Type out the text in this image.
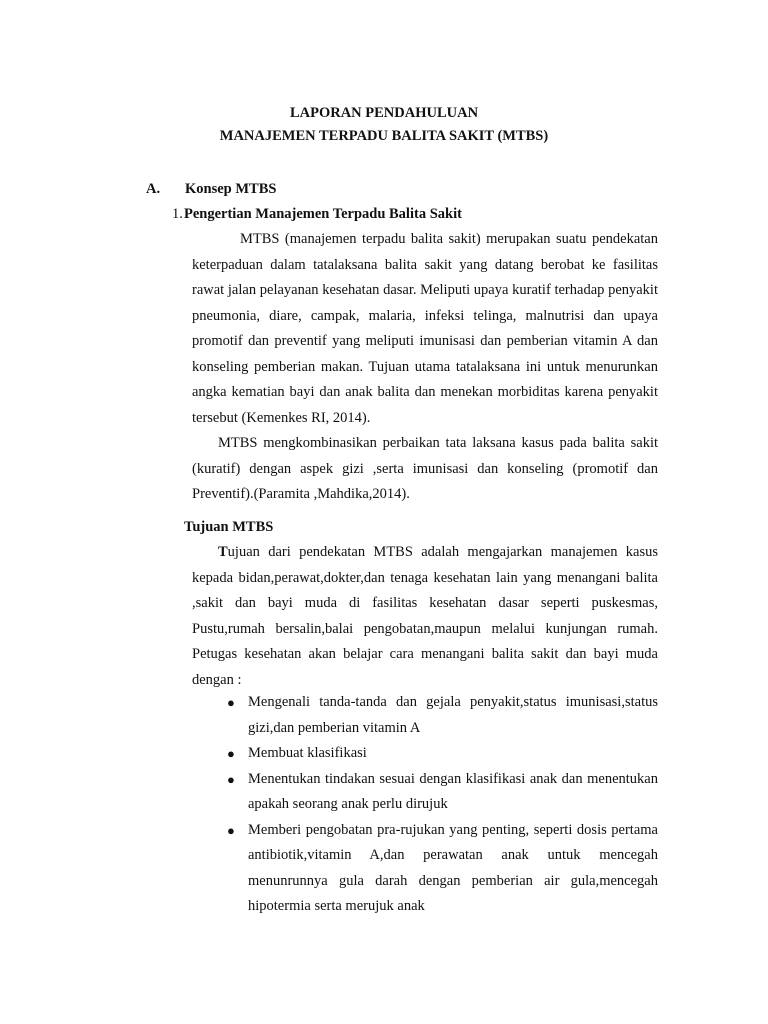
LAPORAN PENDAHULUAN
MANAJEMEN TERPADU BALITA SAKIT (MTBS)
A. Konsep MTBS
1. Pengertian Manajemen Terpadu Balita Sakit

MTBS (manajemen terpadu balita sakit) merupakan suatu pendekatan keterpaduan dalam tatalaksana balita sakit yang datang berobat ke fasilitas rawat jalan pelayanan kesehatan dasar. Meliputi upaya kuratif terhadap penyakit pneumonia, diare, campak, malaria, infeksi telinga, malnutrisi dan upaya promotif dan preventif yang meliputi imunisasi dan pemberian vitamin A dan konseling pemberian makan. Tujuan utama tatalaksana ini untuk menurunkan angka kematian bayi dan anak balita dan menekan morbiditas karena penyakit tersebut (Kemenkes RI, 2014).

MTBS mengkombinasikan perbaikan tata laksana kasus pada balita sakit (kuratif) dengan aspek gizi ,serta imunisasi dan konseling (promotif dan Preventif).(Paramita ,Mahdika,2014).

Tujuan MTBS

Tujuan dari pendekatan MTBS adalah mengajarkan manajemen kasus kepada bidan,perawat,dokter,dan tenaga kesehatan lain yang menangani balita ,sakit dan bayi muda di fasilitas kesehatan dasar seperti puskesmas, Pustu,rumah bersalin,balai pengobatan,maupun melalui kunjungan rumah. Petugas kesehatan akan belajar cara menangani balita sakit dan bayi muda dengan :

● Mengenali tanda-tanda dan gejala penyakit,status imunisasi,status gizi,dan pemberian vitamin A
● Membuat klasifikasi
● Menentukan tindakan sesuai dengan klasifikasi anak dan menentukan apakah seorang anak perlu dirujuk
● Memberi pengobatan pra-rujukan yang penting, seperti dosis pertama antibiotik,vitamin A,dan perawatan anak untuk mencegah menunrunnya gula darah dengan pemberian air gula,mencegah hipotermia serta merujuk anak
